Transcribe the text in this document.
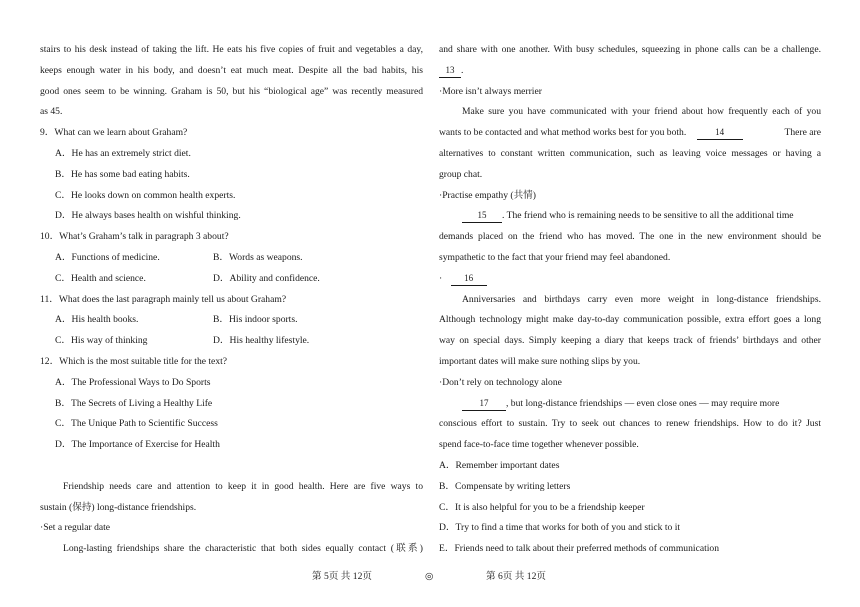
stairs to his desk instead of taking the lift. He eats his five copies of fruit and vegetables a day,
keeps enough water in his body, and doesn’t eat much meat. Despite all the bad habits, his
good ones seem to be winning. Graham is 50, but his “biological age” was recently measured
as 45.
9．What can we learn about Graham?
A．He has an extremely strict diet.
B．He has some bad eating habits.
C．He looks down on common health experts.
D．He always bases health on wishful thinking.
10．What’s Graham’s talk in paragraph 3 about?
A．Functions of medicine.	B．Words as weapons.
C．Health and science.	D．Ability and confidence.
11．What does the last paragraph mainly tell us about Graham?
A．His health books.	B．His indoor sports.
C．His way of thinking	D．His healthy lifestyle.
12．Which is the most suitable title for the text?
A．The Professional Ways to Do Sports
B．The Secrets of Living a Healthy Life
C．The Unique Path to Scientific Success
D．The Importance of Exercise for Health
Friendship needs care and attention to keep it in good health. Here are five ways to
sustain (保持) long-distance friendships.
·Set a regular date
Long-lasting friendships share the characteristic that both sides equally contact (联系)
and share with one another. With busy schedules, squeezing in phone calls can be a challenge.
13 .
·More isn’t always merrier
Make sure you have communicated with your friend about how frequently each of you
wants to be contacted and what method works best for you both.	14	There are
alternatives to constant written communication, such as leaving voice messages or having a
group chat.
·Practise empathy (共情)
15 . The friend who is remaining needs to be sensitive to all the additional time
demands placed on the friend who has moved. The one in the new environment should be
sympathetic to the fact that your friend may feel abandoned.
· 16
Anniversaries and birthdays carry even more weight in long-distance friendships.
Although technology might make day-to-day communication possible, extra effort goes a long
way on special days. Simply keeping a diary that keeps track of friends’ birthdays and other
important dates will make sure nothing slips by you.
·Don’t rely on technology alone
17 , but long-distance friendships — even close ones — may require more
conscious effort to sustain. Try to seek out chances to renew friendships. How to do it? Just
spend face-to-face time together whenever possible.
A．Remember important dates
B．Compensate by writing letters
C．It is also helpful for you to be a friendship keeper
D．Try to find a time that works for both of you and stick to it
E．Friends need to talk about their preferred methods of communication
第 5页 共 12页	◎	第 6页 共 12页
